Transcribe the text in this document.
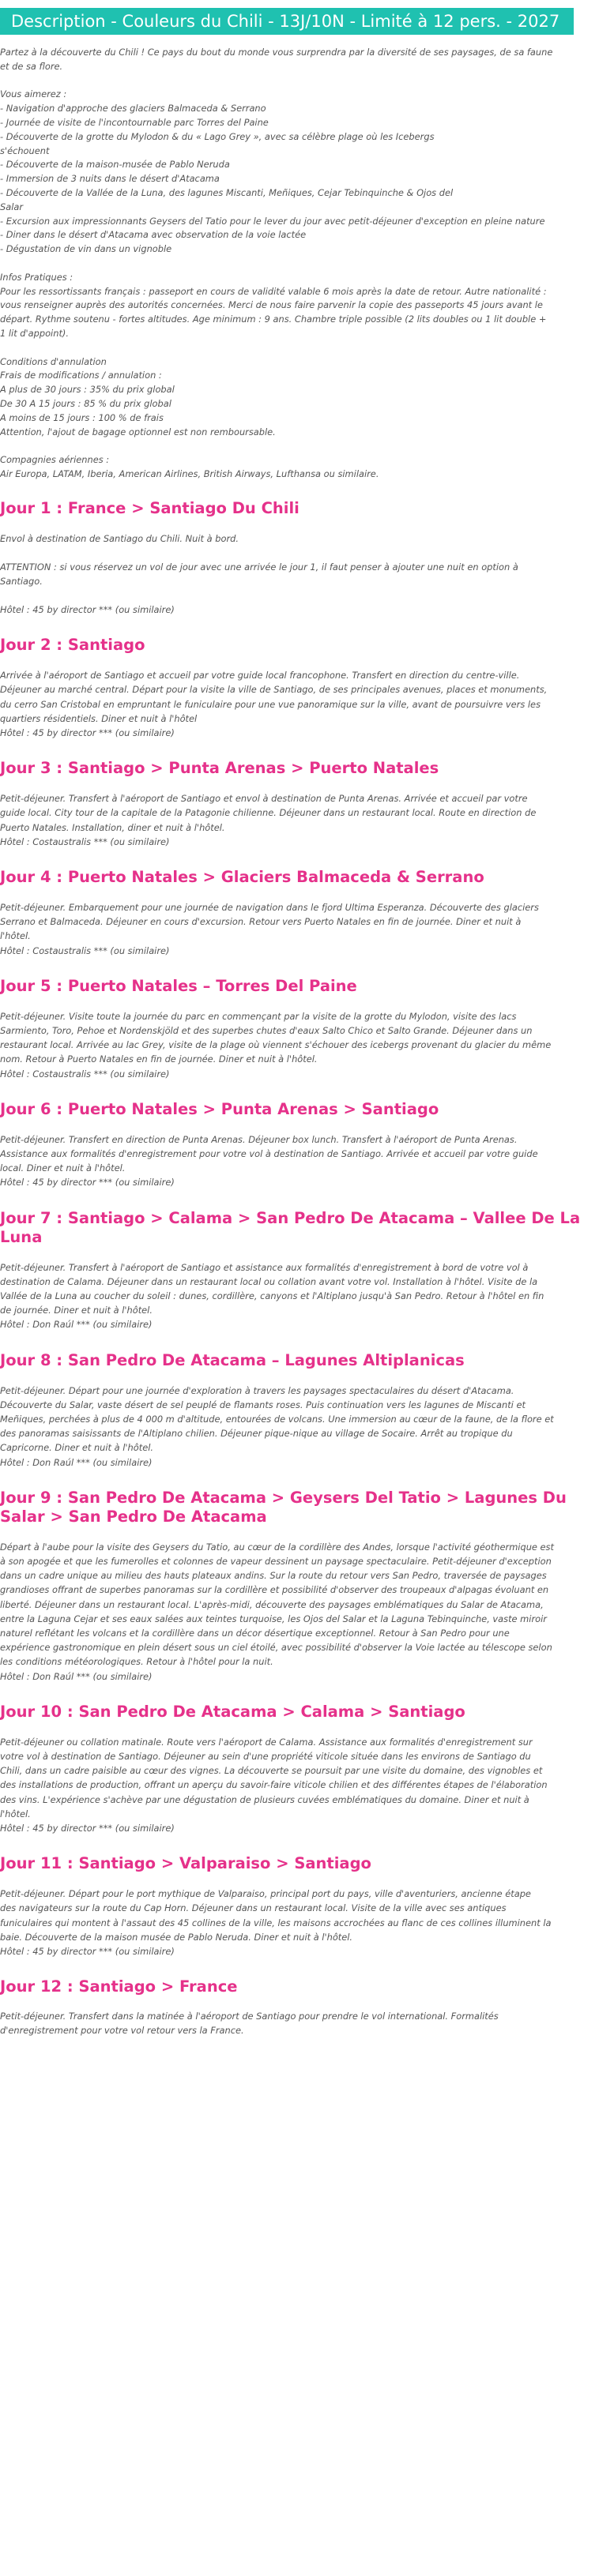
Description - Couleurs du Chili - 13J/10N - Limité à 12 pers. - 2027

Partez à la découverte du Chili ! Ce pays du bout du monde vous surprendra par la diversité de ses paysages, de sa faune

et de sa flore.

Vous aimerez :

- Navigation d'approche des glaciers Balmaceda & Serrano

- Journée de visite de l'incontournable parc Torres del Paine

- Découverte de la grotte du Mylodon & du « Lago Grey », avec sa célèbre plage où les Icebergs

s'échouent

- Découverte de la maison-musée de Pablo Neruda

- Immersion de 3 nuits dans le désert d'Atacama

- Découverte de la Vallée de la Luna, des lagunes Miscanti, Meñiques, Cejar Tebinquinche & Ojos del

Salar

- Excursion aux impressionnants Geysers del Tatio pour le lever du jour avec petit-déjeuner d'exception en pleine nature

- Diner dans le désert d'Atacama avec observation de la voie lactée

- Dégustation de vin dans un vignoble

Infos Pratiques :

Pour les ressortissants français : passeport en cours de validité valable 6 mois après la date de retour. Autre nationalité :

vous renseigner auprès des autorités concernées. Merci de nous faire parvenir la copie des passeports 45 jours avant le

départ. Rythme soutenu - fortes altitudes. Age minimum : 9 ans. Chambre triple possible (2 lits doubles ou 1 lit double +

1 lit d'appoint).

Conditions d'annulation

Frais de modifications / annulation :

A plus de 30 jours : 35% du prix global

De 30 A 15 jours : 85 % du prix global

A moins de 15 jours : 100 % de frais

Attention, l'ajout de bagage optionnel est non remboursable.

Compagnies aériennes :

Air Europa, LATAM, Iberia, American Airlines, British Airways, Lufthansa ou similaire.

Jour 1 : France > Santiago Du Chili

Envol à destination de Santiago du Chili. Nuit à bord.

ATTENTION : si vous réservez un vol de jour avec une arrivée le jour 1, il faut penser à ajouter une nuit en option à

Santiago.

Hôtel : 45 by director *** (ou similaire)

Jour 2 : Santiago

Arrivée à l'aéroport de Santiago et accueil par votre guide local francophone. Transfert en direction du centre-ville.

Déjeuner au marché central. Départ pour la visite la ville de Santiago, de ses principales avenues, places et monuments,

du cerro San Cristobal en empruntant le funiculaire pour une vue panoramique sur la ville, avant de poursuivre vers les

quartiers résidentiels. Diner et nuit à l'hôtel

Hôtel : 45 by director *** (ou similaire)

Jour 3 : Santiago > Punta Arenas > Puerto Natales

Petit-déjeuner. Transfert à l'aéroport de Santiago et envol à destination de Punta Arenas. Arrivée et accueil par votre

guide local. City tour de la capitale de la Patagonie chilienne. Déjeuner dans un restaurant local. Route en direction de

Puerto Natales. Installation, diner et nuit à l'hôtel.

Hôtel : Costaustralis *** (ou similaire)

Jour 4 : Puerto Natales > Glaciers Balmaceda & Serrano

Petit-déjeuner. Embarquement pour une journée de navigation dans le fjord Ultima Esperanza. Découverte des glaciers

Serrano et Balmaceda. Déjeuner en cours d'excursion. Retour vers Puerto Natales en fin de journée. Diner et nuit à

l'hôtel.

Hôtel : Costaustralis *** (ou similaire)

Jour 5 : Puerto Natales – Torres Del Paine

Petit-déjeuner. Visite toute la journée du parc en commençant par la visite de la grotte du Mylodon, visite des lacs

Sarmiento, Toro, Pehoe et Nordenskjöld et des superbes chutes d'eaux Salto Chico et Salto Grande. Déjeuner dans un

restaurant local. Arrivée au lac Grey, visite de la plage où viennent s'échouer des icebergs provenant du glacier du même

nom. Retour à Puerto Natales en fin de journée. Diner et nuit à l'hôtel.

Hôtel : Costaustralis *** (ou similaire)

Jour 6 : Puerto Natales > Punta Arenas > Santiago

Petit-déjeuner. Transfert en direction de Punta Arenas. Déjeuner box lunch. Transfert à l'aéroport de Punta Arenas.

Assistance aux formalités d'enregistrement pour votre vol à destination de Santiago. Arrivée et accueil par votre guide

local. Diner et nuit à l'hôtel.

Hôtel : 45 by director *** (ou similaire)

Jour 7 : Santiago > Calama > San Pedro De Atacama – Vallee De La Luna

Petit-déjeuner. Transfert à l'aéroport de Santiago et assistance aux formalités d'enregistrement à bord de votre vol à

destination de Calama. Déjeuner dans un restaurant local ou collation avant votre vol. Installation à l'hôtel. Visite de la

Vallée de la Luna au coucher du soleil : dunes, cordillère, canyons et l'Altiplano jusqu'à San Pedro. Retour à l'hôtel en fin

de journée. Diner et nuit à l'hôtel.

Hôtel : Don Raúl *** (ou similaire)

Jour 8 : San Pedro De Atacama – Lagunes Altiplanicas

Petit-déjeuner. Départ pour une journée d'exploration à travers les paysages spectaculaires du désert d'Atacama.

Découverte du Salar, vaste désert de sel peuplé de flamants roses. Puis continuation vers les lagunes de Miscanti et

Meñiques, perchées à plus de 4 000 m d'altitude, entourées de volcans. Une immersion au cœur de la faune, de la flore et

des panoramas saisissants de l'Altiplano chilien. Déjeuner pique-nique au village de Socaire. Arrêt au tropique du

Capricorne. Diner et nuit à l'hôtel.

Hôtel : Don Raúl *** (ou similaire)

Jour 9 : San Pedro De Atacama > Geysers Del Tatio > Lagunes Du Salar > San Pedro De Atacama

Départ à l'aube pour la visite des Geysers du Tatio, au cœur de la cordillère des Andes, lorsque l'activité géothermique est

à son apogée et que les fumerolles et colonnes de vapeur dessinent un paysage spectaculaire. Petit-déjeuner d'exception

dans un cadre unique au milieu des hauts plateaux andins. Sur la route du retour vers San Pedro, traversée de paysages

grandioses offrant de superbes panoramas sur la cordillère et possibilité d'observer des troupeaux d'alpagas évoluant en

liberté. Déjeuner dans un restaurant local. L'après-midi, découverte des paysages emblématiques du Salar de Atacama,

entre la Laguna Cejar et ses eaux salées aux teintes turquoise, les Ojos del Salar et la Laguna Tebinquinche, vaste miroir

naturel reflétant les volcans et la cordillère dans un décor désertique exceptionnel. Retour à San Pedro pour une

expérience gastronomique en plein désert sous un ciel étoilé, avec possibilité d'observer la Voie lactée au télescope selon

les conditions météorologiques. Retour à l'hôtel pour la nuit.

Hôtel : Don Raúl *** (ou similaire)

Jour 10 : San Pedro De Atacama > Calama > Santiago

Petit-déjeuner ou collation matinale. Route vers l'aéroport de Calama. Assistance aux formalités d'enregistrement sur

votre vol à destination de Santiago. Déjeuner au sein d'une propriété viticole située dans les environs de Santiago du

Chili, dans un cadre paisible au cœur des vignes. La découverte se poursuit par une visite du domaine, des vignobles et

des installations de production, offrant un aperçu du savoir-faire viticole chilien et des différentes étapes de l'élaboration

des vins. L'expérience s'achève par une dégustation de plusieurs cuvées emblématiques du domaine. Diner et nuit à

l'hôtel.

Hôtel : 45 by director *** (ou similaire)

Jour 11 : Santiago > Valparaiso > Santiago

Petit-déjeuner. Départ pour le port mythique de Valparaiso, principal port du pays, ville d'aventuriers, ancienne étape

des navigateurs sur la route du Cap Horn. Déjeuner dans un restaurant local. Visite de la ville avec ses antiques

funiculaires qui montent à l'assaut des 45 collines de la ville, les maisons accrochées au flanc de ces collines illuminent la

baie. Découverte de la maison musée de Pablo Neruda. Diner et nuit à l'hôtel.

Hôtel : 45 by director *** (ou similaire)

Jour 12 : Santiago > France

Petit-déjeuner. Transfert dans la matinée à l'aéroport de Santiago pour prendre le vol international. Formalités

d'enregistrement pour votre vol retour vers la France.
